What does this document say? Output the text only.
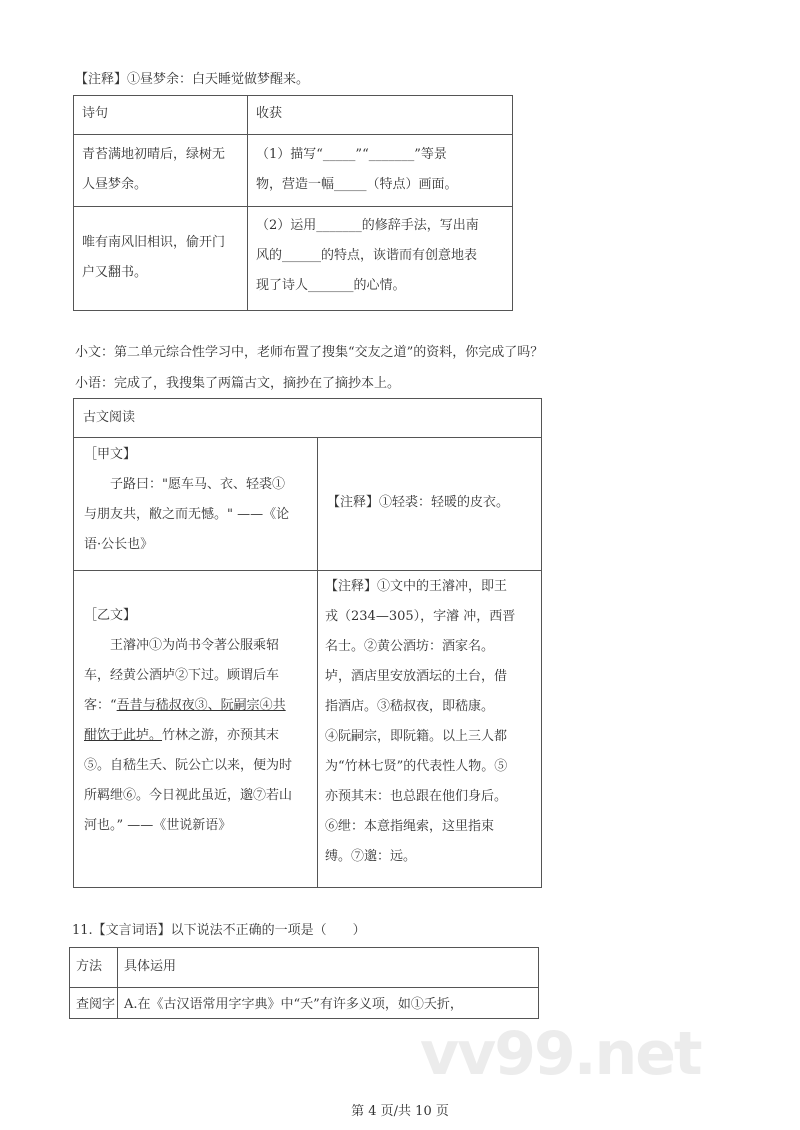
vv99.net
【注释】①昼梦余：白天睡觉做梦醒来。
诗句	收获
青苔满地初晴后，绿树无
人昼梦余。
（1）描写“_____”“_______”等景
物，营造一幅_____（特点）画面。
唯有南风旧相识，偷开门
户又翻书。
（2）运用_______的修辞手法，写出南
风的______的特点，诙谐而有创意地表
现了诗人_______的心情。
小文：第二单元综合性学习中，老师布置了搜集“交友之道”的资料，你完成了吗？
小语：完成了，我搜集了两篇古文，摘抄在了摘抄本上。
古文阅读
［甲文】
子路曰："愿车马、衣、轻裘①
与朋友共，敝之而无憾。" ——《论
语·公长也》
【注释】①轻裘：轻暖的皮衣。
［乙文】
王濬冲①为尚书令著公服乘轺
车，经黄公酒垆②下过。顾谓后车
客：“吾昔与嵇叔夜③、阮嗣宗④共
酣饮于此垆。竹林之游，亦预其末
⑤。自嵇生夭、阮公亡以来，便为时
所羁绁⑥。今日视此虽近，邈⑦若山
河也。” ——《世说新语》
【注释】①文中的王濬冲，即王
戎（234—305），字濬 冲，西晋
名士。②黄公酒坊：酒家名。
垆，酒店里安放酒坛的土台，借
指酒店。③嵇叔夜，即嵇康。
④阮嗣宗，即阮籍。以上三人都
为“竹林七贤”的代表性人物。⑤
亦预其末：也总跟在他们身后。
⑥绁：本意指绳索，这里指束
缚。⑦邈：远。
11.【文言词语】以下说法不正确的一项是（　　）
方法 具体运用
查阅字 A.在《古汉语常用字字典》中“夭”有许多义项，如①夭折，
第 4 页/共 10 页
